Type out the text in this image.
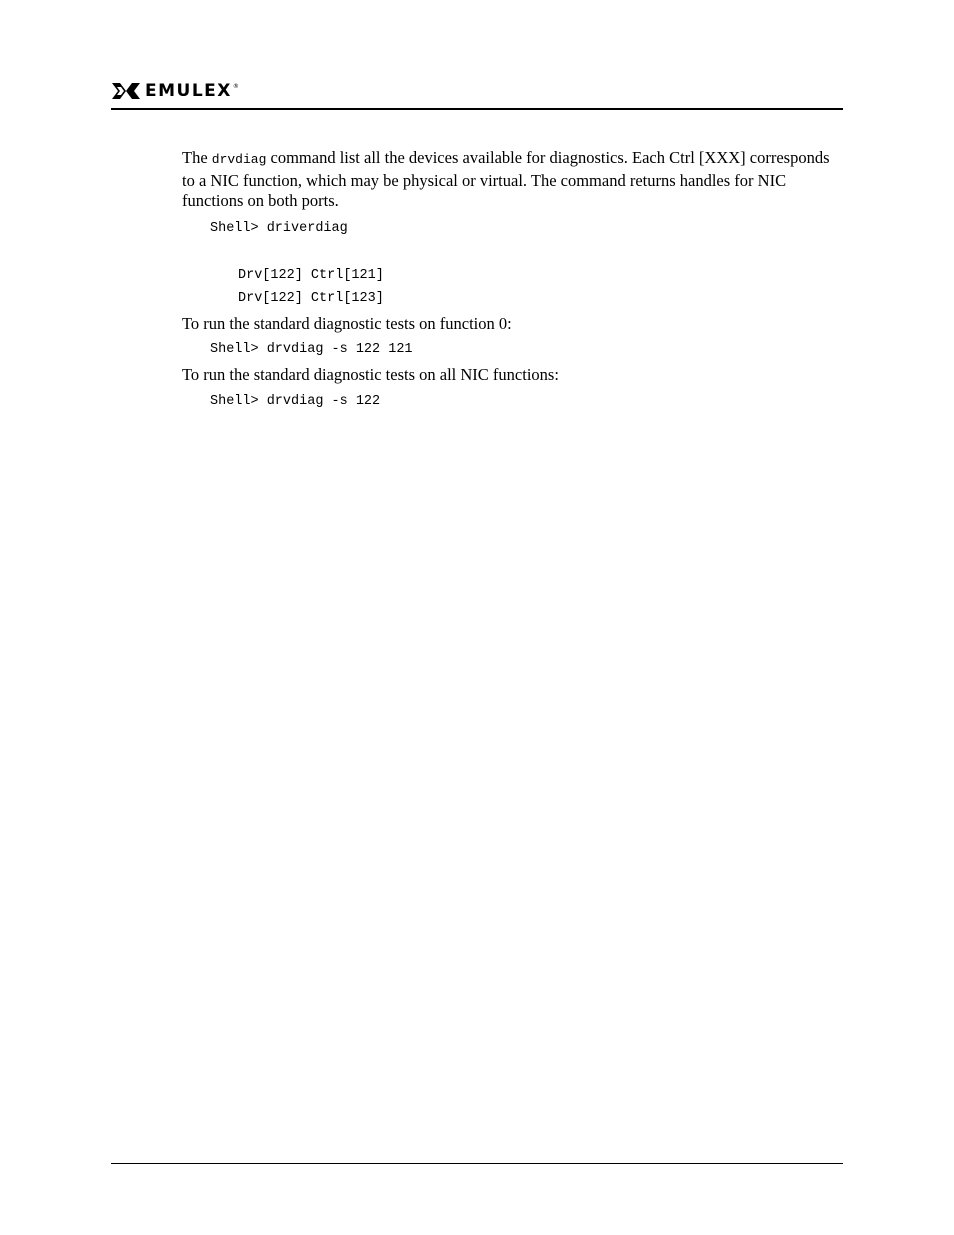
EMULEX ®

The drvdiag command list all the devices available for diagnostics. Each Ctrl [XXX] corresponds to a NIC function, which may be physical or virtual. The command returns handles for NIC functions on both ports.

Shell> driverdiag
Drv[122] Ctrl[121]
Drv[122] Ctrl[123]

To run the standard diagnostic tests on function 0:

Shell> drvdiag -s 122 121

To run the standard diagnostic tests on all NIC functions:

Shell> drvdiag -s 122
